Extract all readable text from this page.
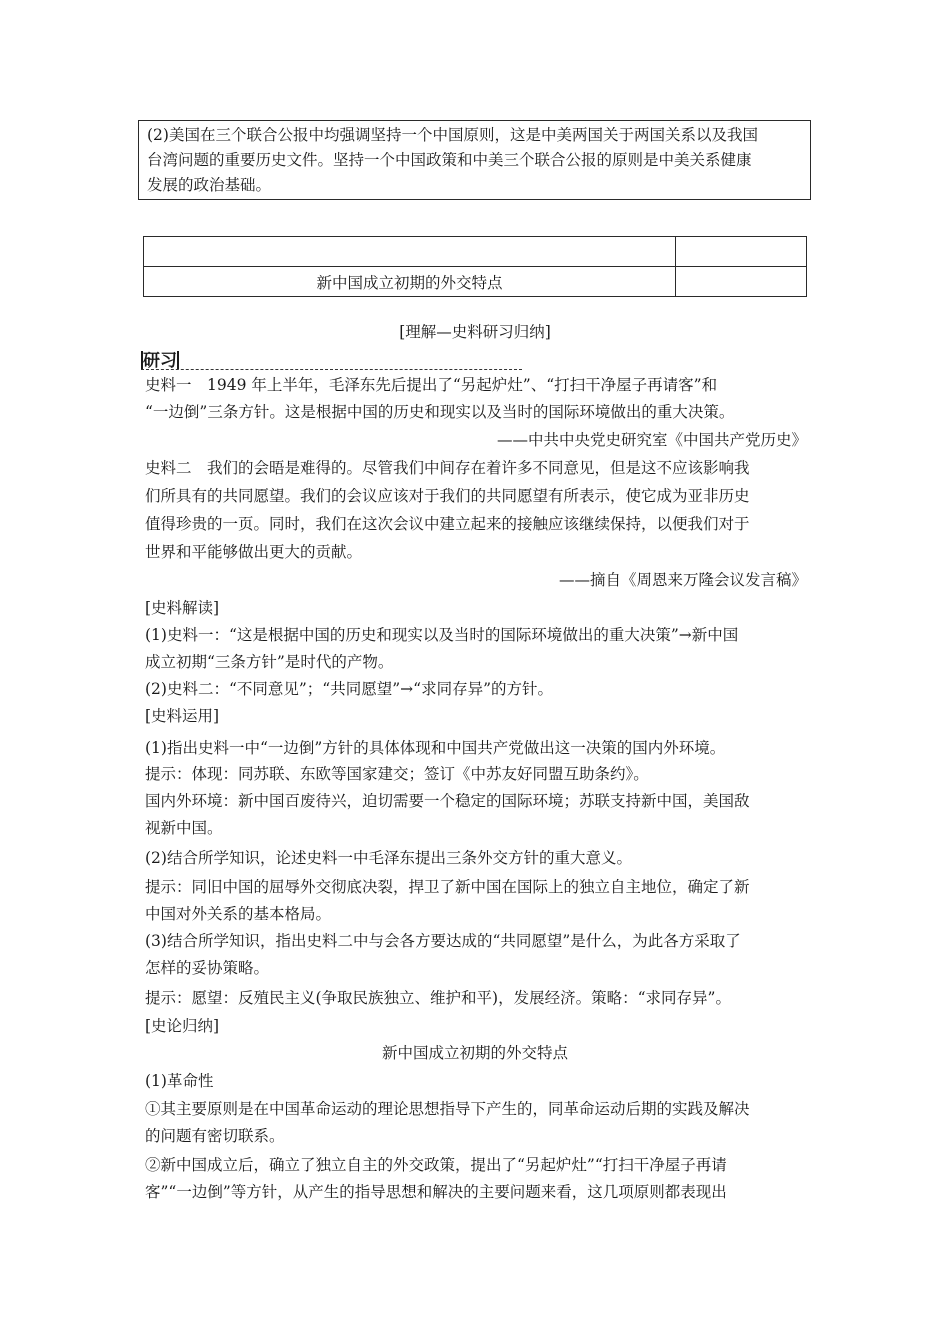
(2)美国在三个联合公报中均强调坚持一个中国原则，这是中美两国关于两国关系以及我国
台湾问题的重要历史文件。坚持一个中国政策和中美三个联合公报的原则是中美关系健康
发展的政治基础。

新中国成立初期的外交特点	
[理解—史料研习归纳]
研习
史料一　1949 年上半年，毛泽东先后提出了“另起炉灶”、“打扫干净屋子再请客”和
“一边倒”三条方针。这是根据中国的历史和现实以及当时的国际环境做出的重大决策。
——中共中央党史研究室《中国共产党历史》
史料二　我们的会晤是难得的。尽管我们中间存在着许多不同意见，但是这不应该影响我
们所具有的共同愿望。我们的会议应该对于我们的共同愿望有所表示，使它成为亚非历史
值得珍贵的一页。同时，我们在这次会议中建立起来的接触应该继续保持，以便我们对于
世界和平能够做出更大的贡献。
——摘自《周恩来万隆会议发言稿》
[史料解读]
(1)史料一：“这是根据中国的历史和现实以及当时的国际环境做出的重大决策”→新中国
成立初期“三条方针”是时代的产物。
(2)史料二：“不同意见”；“共同愿望”→“求同存异”的方针。
[史料运用]
(1)指出史料一中“一边倒”方针的具体体现和中国共产党做出这一决策的国内外环境。
提示：体现：同苏联、东欧等国家建交；签订《中苏友好同盟互助条约》。
国内外环境：新中国百废待兴，迫切需要一个稳定的国际环境；苏联支持新中国，美国敌
视新中国。
(2)结合所学知识，论述史料一中毛泽东提出三条外交方针的重大意义。
提示：同旧中国的屈辱外交彻底决裂，捍卫了新中国在国际上的独立自主地位，确定了新
中国对外关系的基本格局。
(3)结合所学知识，指出史料二中与会各方要达成的“共同愿望”是什么，为此各方采取了
怎样的妥协策略。
提示：愿望：反殖民主义(争取民族独立、维护和平)，发展经济。策略：“求同存异”。
[史论归纳]
新中国成立初期的外交特点
(1)革命性
①其主要原则是在中国革命运动的理论思想指导下产生的，同革命运动后期的实践及解决
的问题有密切联系。
②新中国成立后，确立了独立自主的外交政策，提出了“另起炉灶”“打扫干净屋子再请
客”“一边倒”等方针，从产生的指导思想和解决的主要问题来看，这几项原则都表现出
